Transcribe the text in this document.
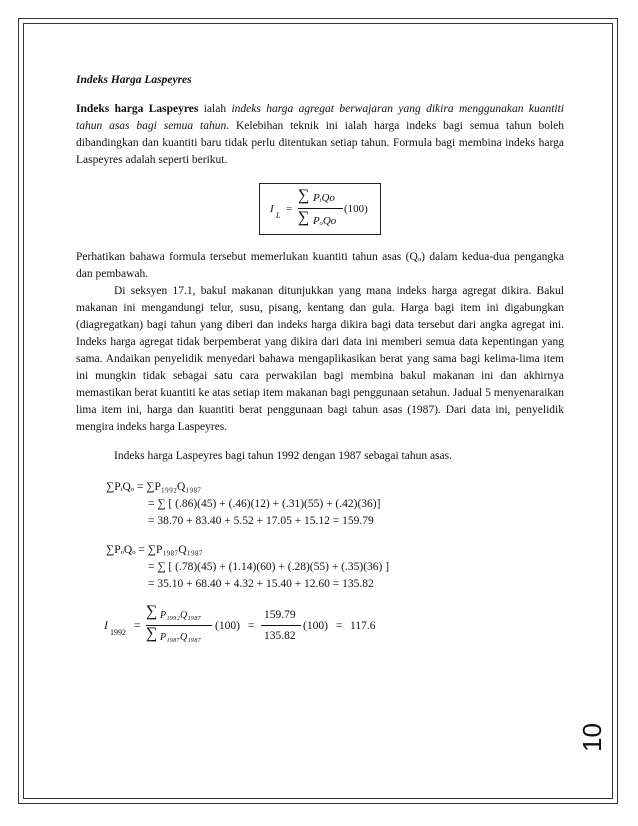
Indeks Harga Laspeyres

Indeks harga Laspeyres ialah indeks harga agregat berwajaran yang dikira menggunakan kuantiti tahun asas bagi semua tahun. Kelebihan teknik ini ialah harga indeks bagi semua tahun boleh dibandingkan dan kuantiti baru tidak perlu ditentukan setiap tahun. Formula bagi membina indeks harga Laspeyres adalah seperti berikut.

I
L
=
∑ PᵢQo
∑ PₒQo
(100)

Perhatikan bahawa formula tersebut memerlukan kuantiti tahun asas (Qₒ) dalam kedua-dua pengangka dan pembawah.

Di seksyen 17.1, bakul makanan ditunjukkan yang mana indeks harga agregat dikira. Bakul makanan ini mengandungi telur, susu, pisang, kentang dan gula. Harga bagi item ini digabungkan (diagregatkan) bagi tahun yang diberi dan indeks harga dikira bagi data tersebut dari angka agregat ini. Indeks harga agregat tidak berpemberat yang dikira dari data ini memberi semua data kepentingan yang sama. Andaikan penyelidik menyedari bahawa mengaplikasikan berat yang sama bagi kelima-lima item ini mungkin tidak sebagai satu cara perwakilan bagi membina bakul makanan ini dan akhirnya memastikan berat kuantiti ke atas setiap item makanan bagi penggunaan setahun. Jadual 5 menyenaraikan lima item ini, harga dan kuantiti berat penggunaan bagi tahun asas (1987). Dari data ini, penyelidik mengira indeks harga Laspeyres.

Indeks harga Laspeyres bagi tahun 1992 dengan 1987 sebagai tahun asas.

∑PᵢQₒ = ∑P₁₉₉₂Q₁₉₈₇
= ∑ [ (.86)(45) + (.46)(12) + (.31)(55) + (.42)(36)]
= 38.70 + 83.40 + 5.52 + 17.05 + 15.12 = 159.79
∑PₒQₒ = ∑P₁₉₈₇Q₁₉₈₇
= ∑ [ (.78)(45) + (1.14)(60) + (.28)(55) + (.35)(36) ]
= 35.10 + 68.40 + 4.32 + 15.40 + 12.60 = 135.82
I
1992
=
∑ P₁₉₉₂Q₁₉₈₇
∑ P₁₉₈₇Q₁₉₈₇
(100) =
159.79
135.82
(100) = 117.6
10
